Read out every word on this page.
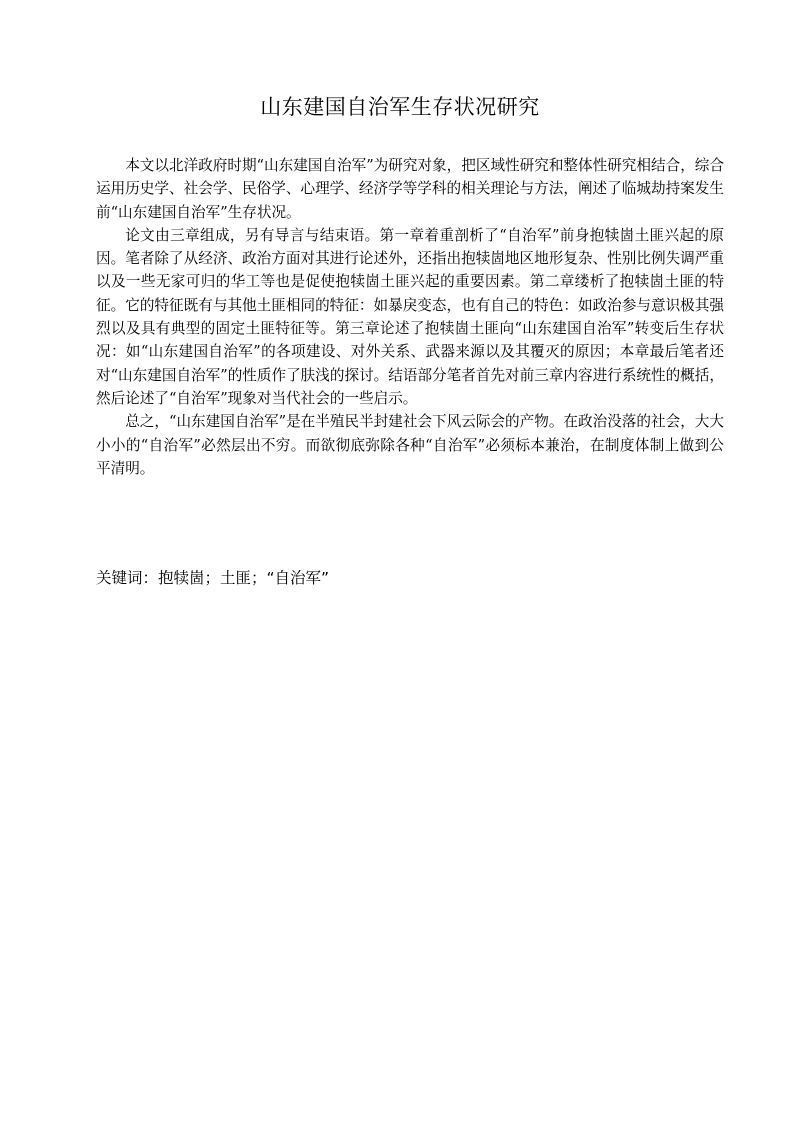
山东建国自治军生存状况研究

本文以北洋政府时期“山东建国自治军”为研究对象，把区域性研究和整体性研究相结合，综合运用历史学、社会学、民俗学、心理学、经济学等学科的相关理论与方法，阐述了临城劫持案发生前“山东建国自治军”生存状况。

论文由三章组成，另有导言与结束语。第一章着重剖析了“自治军”前身抱犊崮土匪兴起的原因。笔者除了从经济、政治方面对其进行论述外，还指出抱犊崮地区地形复杂、性别比例失调严重以及一些无家可归的华工等也是促使抱犊崮土匪兴起的重要因素。第二章缕析了抱犊崮土匪的特征。它的特征既有与其他土匪相同的特征：如暴戾变态，也有自己的特色：如政治参与意识极其强烈以及具有典型的固定土匪特征等。第三章论述了抱犊崮土匪向“山东建国自治军”转变后生存状况：如“山东建国自治军”的各项建设、对外关系、武器来源以及其覆灭的原因；本章最后笔者还对“山东建国自治军”的性质作了肤浅的探讨。结语部分笔者首先对前三章内容进行系统性的概括，然后论述了“自治军”现象对当代社会的一些启示。

总之，“山东建国自治军”是在半殖民半封建社会下风云际会的产物。在政治没落的社会，大大小小的“自治军”必然层出不穷。而欲彻底弥除各种“自治军”必须标本兼治，在制度体制上做到公平清明。

关键词：抱犊崮；土匪；“自治军”
